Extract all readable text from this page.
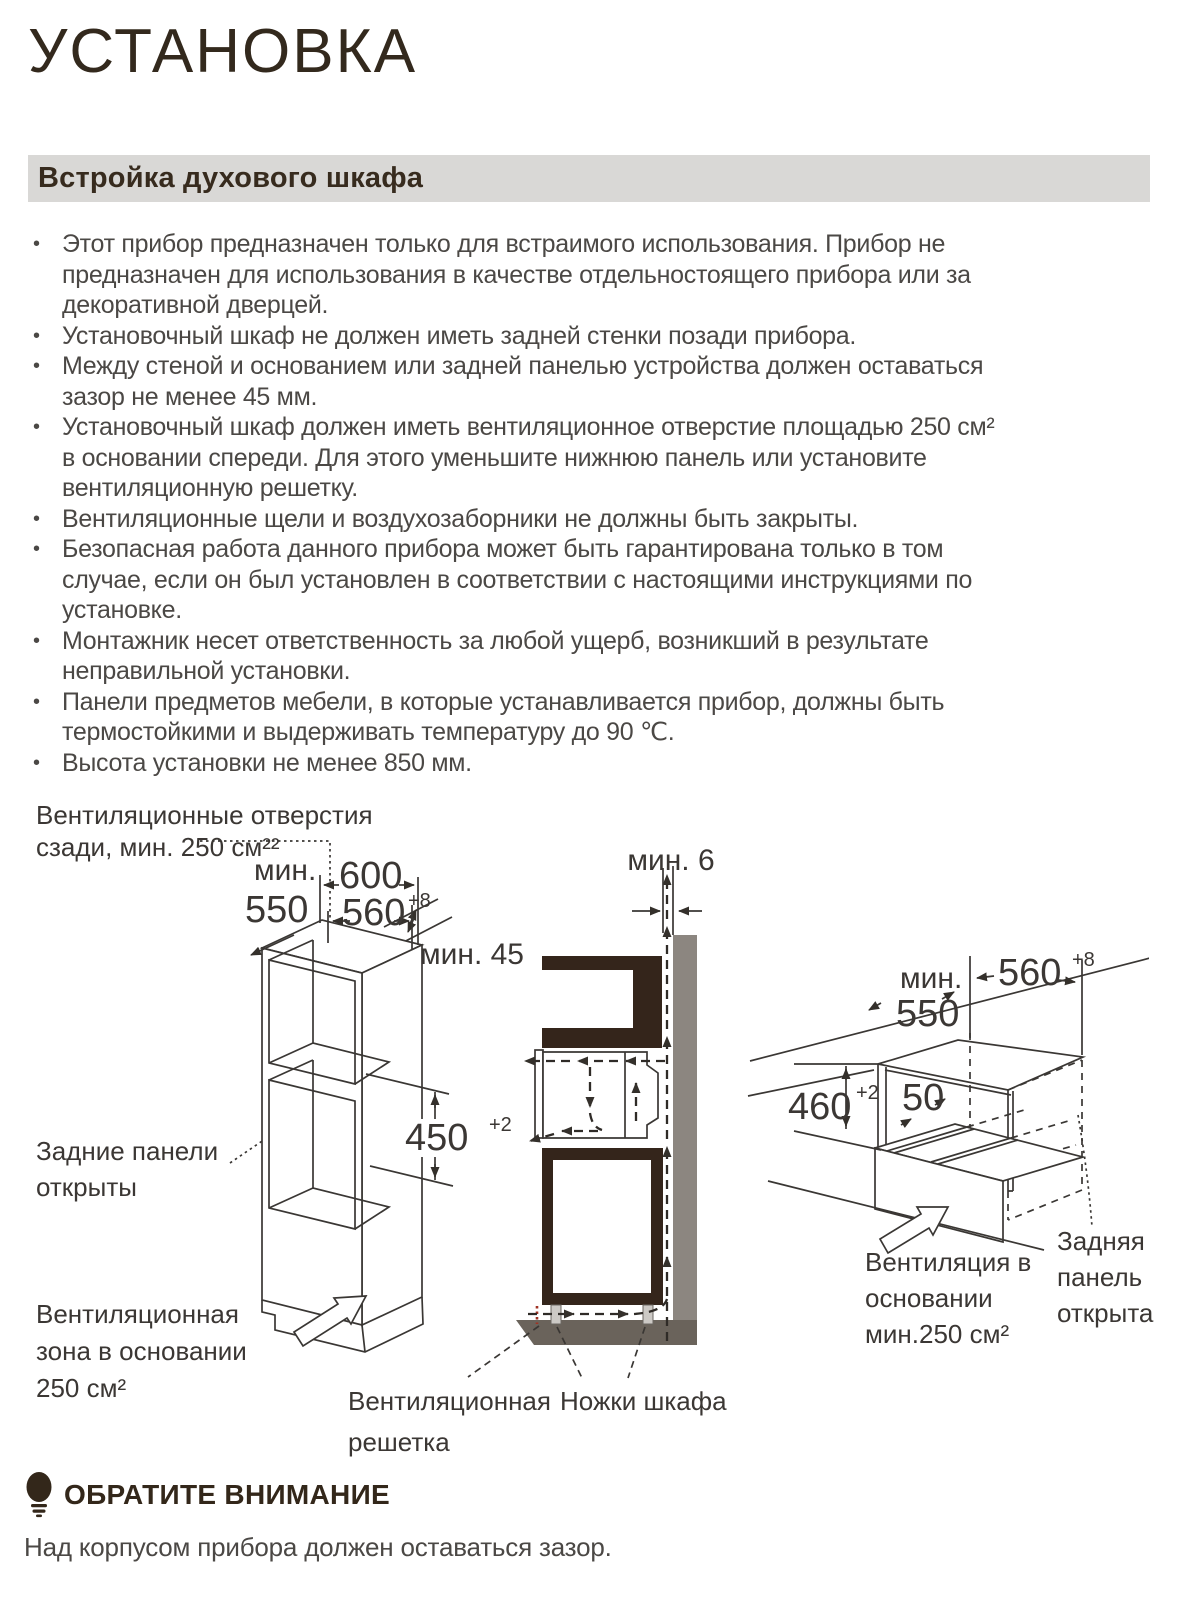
УСТАНОВКА
Встройка духового шкафа
• Этот прибор предназначен только для встраимого использования. Прибор не предназначен для использования в качестве отдельностоящего прибора или за декоративной дверцей.
• Установочный шкаф не должен иметь задней стенки позади прибора.
• Между стеной и основанием или задней панелью устройства должен оставаться зазор не менее 45 мм.
• Установочный шкаф должен иметь вентиляционное отверстие площадью 250 см² в основании спереди. Для этого уменьшите нижнюю панель или установите вентиляционную решетку.
• Вентиляционные щели и воздухозаборники не должны быть закрыты.
• Безопасная работа данного прибора может быть гарантирована только в том случае, если он был установлен в соответствии с настоящими инструкциями по установке.
• Монтажник несет ответственность за любой ущерб, возникший в результате неправильной установки.
• Панели предметов мебели, в которые устанавливается прибор, должны быть термостойкими и выдерживать температуру до 90 ℃.
• Высота установки не менее 850 мм.
Вентиляционные отверстия
сзади, мин. 250 см²²
мин.
550
600
560 +8
мин. 45
450 +2
Задние панели
открыты
Вентиляционная
зона в основании
250 см²
мин. 6
Вентиляционная
решетка
Ножки шкафа
мин.
550
560 +8
460 +2 50
Вентиляция в
основании
мин.250 см²
Задняя
панель
открыта
ОБРАТИТЕ ВНИМАНИЕ
Над корпусом прибора должен оставаться зазор.
